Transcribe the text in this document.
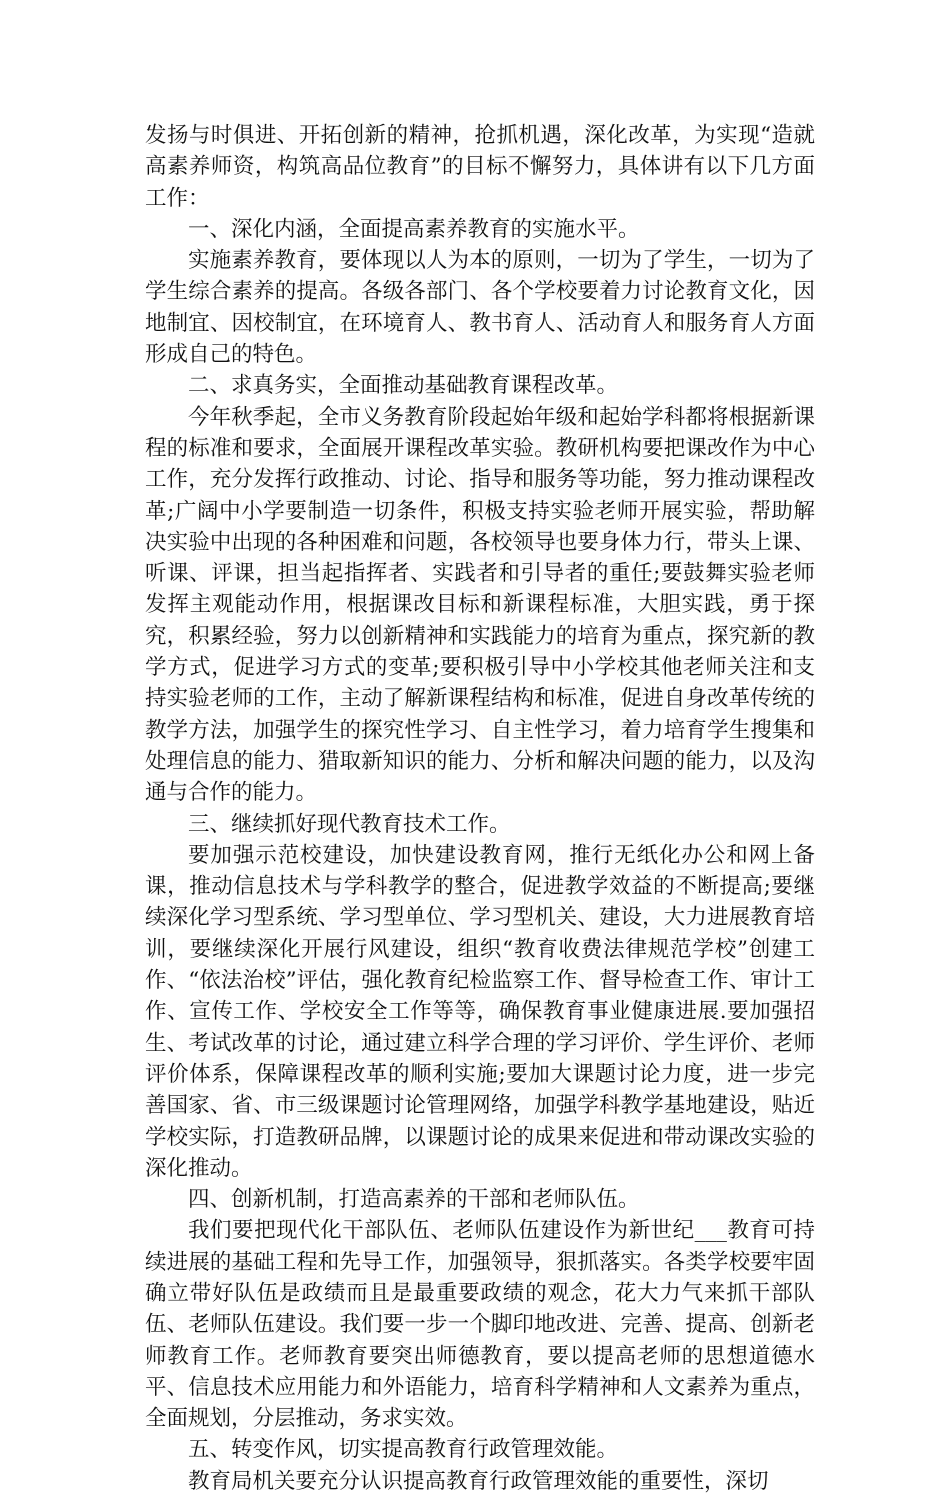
发扬与时俱进、开拓创新的精神，抢抓机遇，深化改革，为实现“造就高素养师资，构筑高品位教育”的目标不懈努力，具体讲有以下几方面工作：

一、深化内涵，全面提高素养教育的实施水平。

实施素养教育，要体现以人为本的原则，一切为了学生，一切为了学生综合素养的提高。各级各部门、各个学校要着力讨论教育文化，因地制宜、因校制宜，在环境育人、教书育人、活动育人和服务育人方面形成自己的特色。

二、求真务实，全面推动基础教育课程改革。

今年秋季起，全市义务教育阶段起始年级和起始学科都将根据新课程的标准和要求，全面展开课程改革实验。教研机构要把课改作为中心工作，充分发挥行政推动、讨论、指导和服务等功能，努力推动课程改革;广阔中小学要制造一切条件，积极支持实验老师开展实验，帮助解决实验中出现的各种困难和问题，各校领导也要身体力行，带头上课、听课、评课，担当起指挥者、实践者和引导者的重任;要鼓舞实验老师发挥主观能动作用，根据课改目标和新课程标准，大胆实践，勇于探究，积累经验，努力以创新精神和实践能力的培育为重点，探究新的教学方式，促进学习方式的变革;要积极引导中小学校其他老师关注和支持实验老师的工作，主动了解新课程结构和标准，促进自身改革传统的教学方法，加强学生的探究性学习、自主性学习，着力培育学生搜集和处理信息的能力、猎取新知识的能力、分析和解决问题的能力，以及沟通与合作的能力。

三、继续抓好现代教育技术工作。

要加强示范校建设，加快建设教育网，推行无纸化办公和网上备课，推动信息技术与学科教学的整合，促进教学效益的不断提高;要继续深化学习型系统、学习型单位、学习型机关、建设，大力进展教育培训，要继续深化开展行风建设，组织“教育收费法律规范学校”创建工作、“依法治校”评估，强化教育纪检监察工作、督导检查工作、审计工作、宣传工作、学校安全工作等等，确保教育事业健康进展.要加强招生、考试改革的讨论，通过建立科学合理的学习评价、学生评价、老师评价体系，保障课程改革的顺利实施;要加大课题讨论力度，进一步完善国家、省、市三级课题讨论管理网络，加强学科教学基地建设，贴近学校实际，打造教研品牌，以课题讨论的成果来促进和带动课改实验的深化推动。

四、创新机制，打造高素养的干部和老师队伍。

我们要把现代化干部队伍、老师队伍建设作为新世纪___教育可持续进展的基础工程和先导工作，加强领导，狠抓落实。各类学校要牢固确立带好队伍是政绩而且是最重要政绩的观念，花大力气来抓干部队伍、老师队伍建设。我们要一步一个脚印地改进、完善、提高、创新老师教育工作。老师教育要突出师德教育，要以提高老师的思想道德水平、信息技术应用能力和外语能力，培育科学精神和人文素养为重点，全面规划，分层推动，务求实效。

五、转变作风，切实提高教育行政管理效能。

教育局机关要充分认识提高教育行政管理效能的重要性，深切
